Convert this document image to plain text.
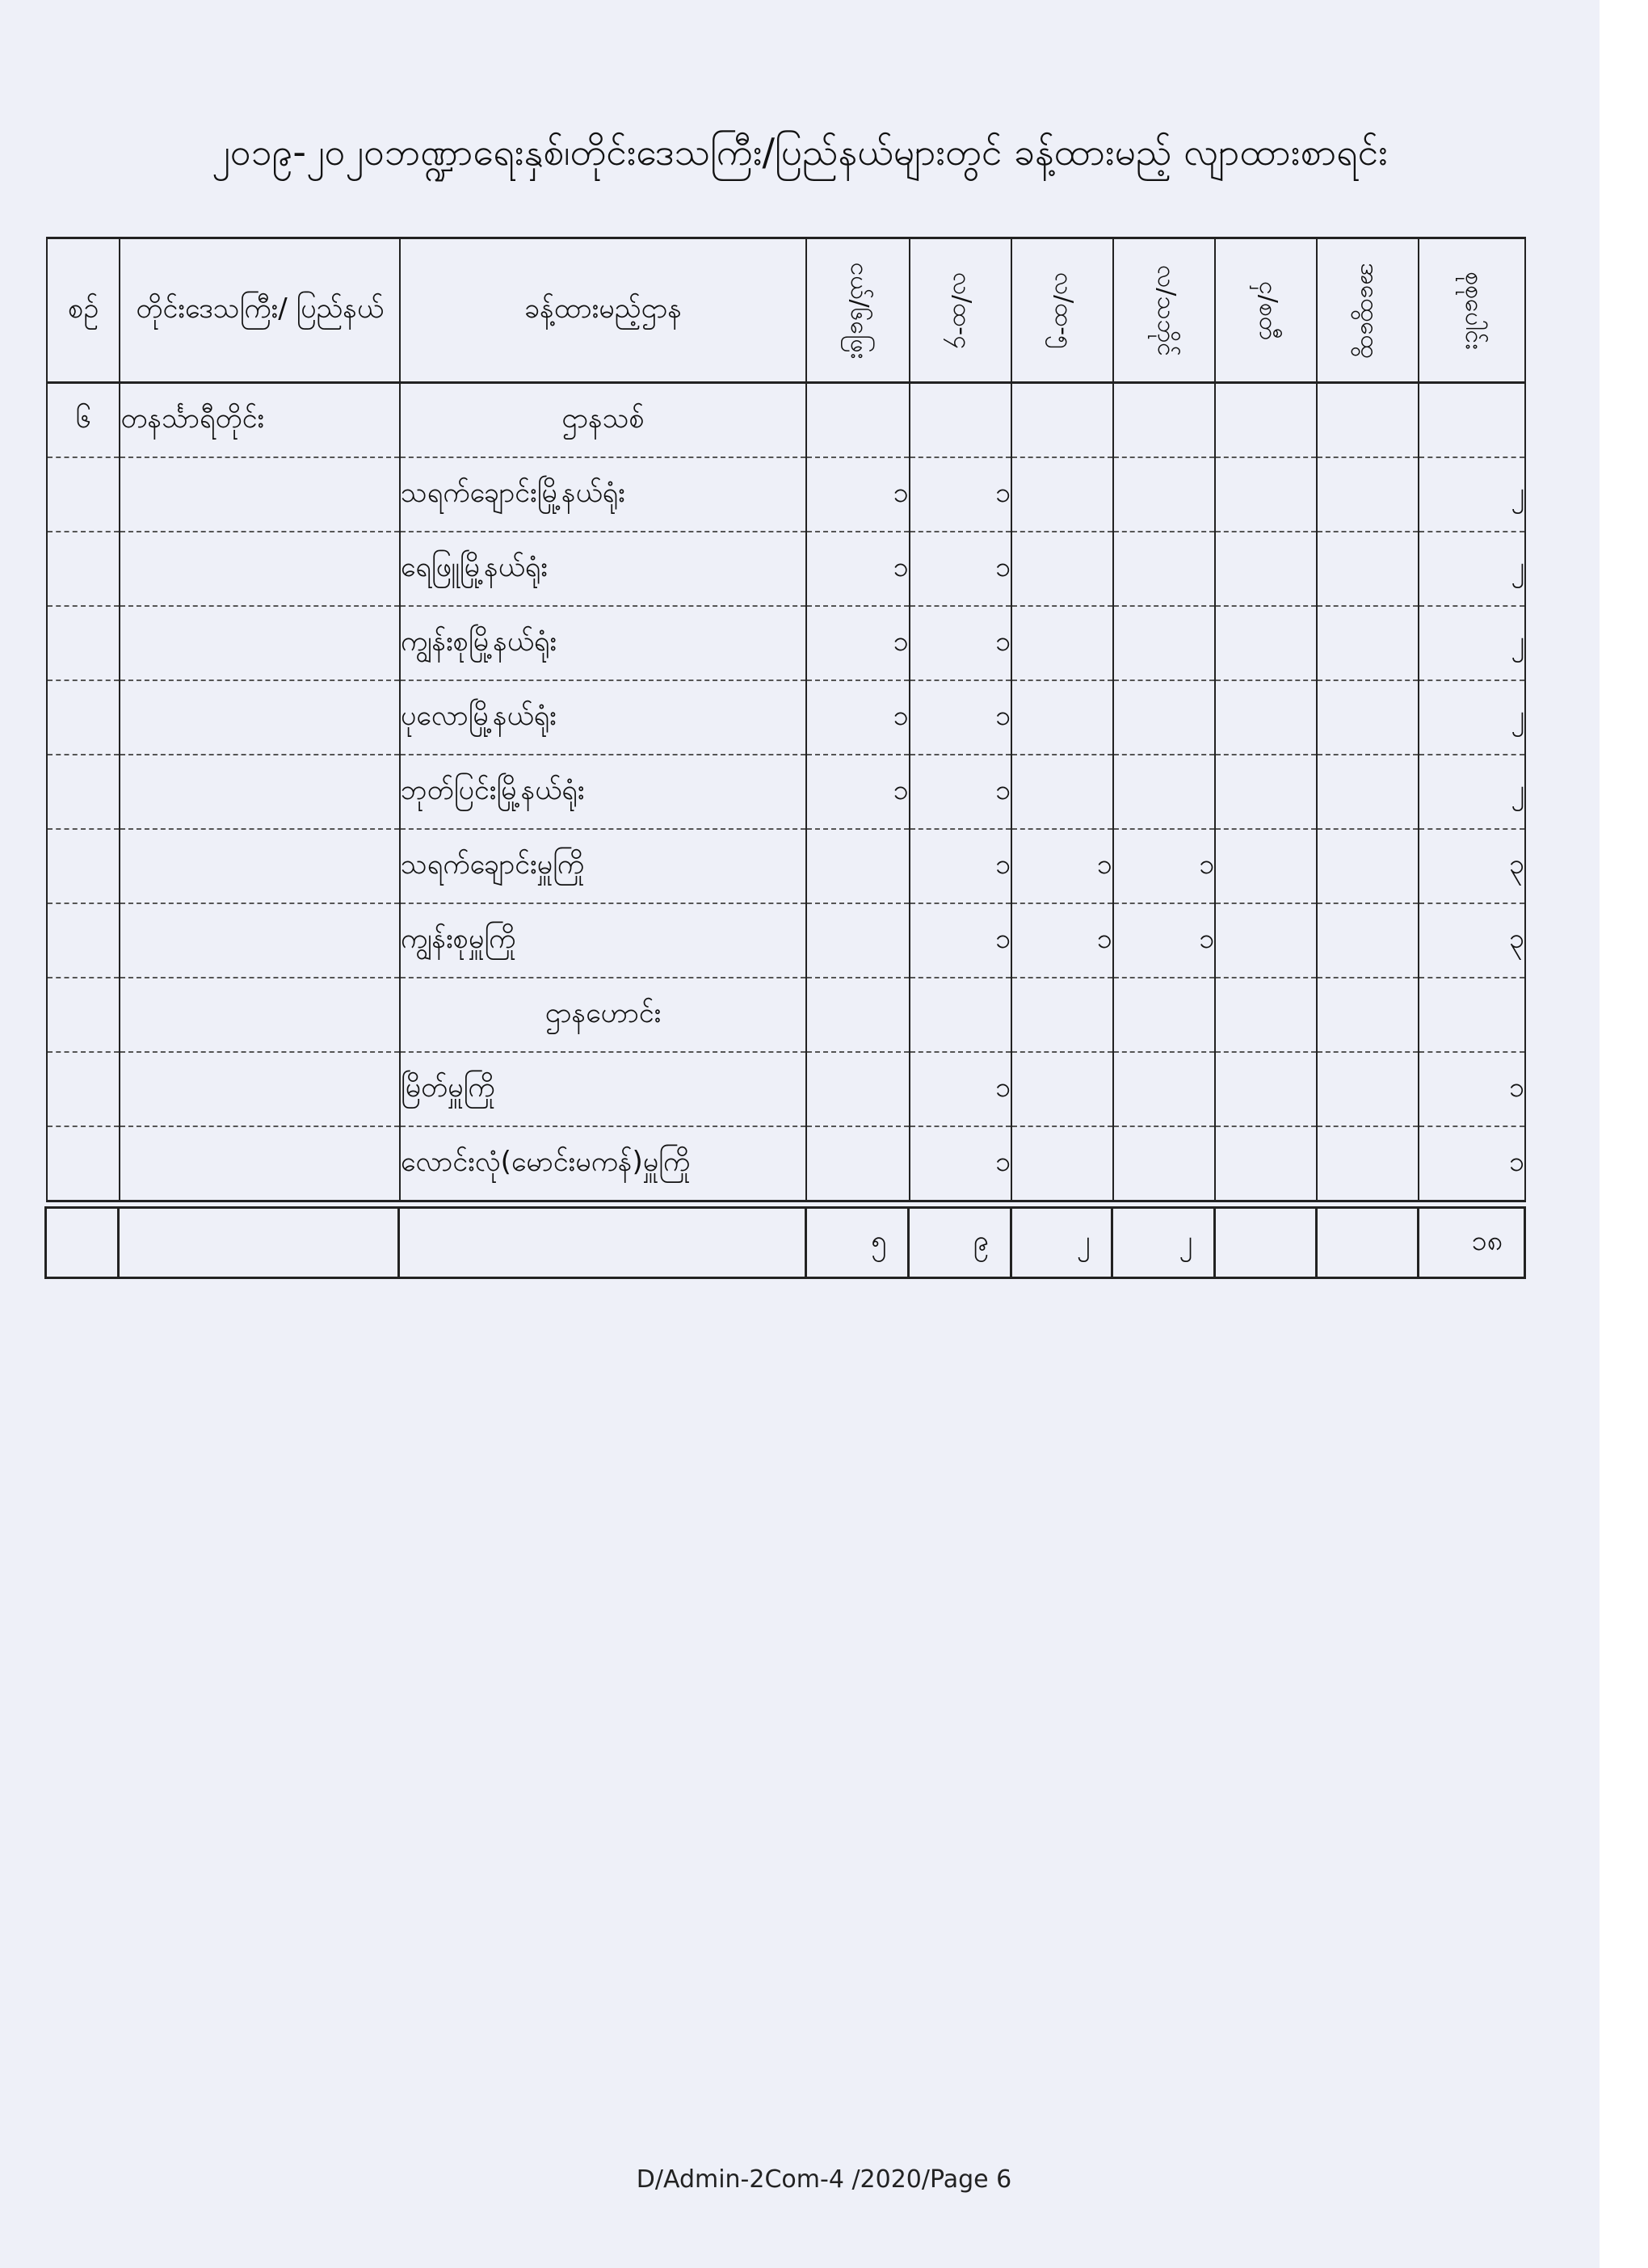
၂၀၁၉-၂၀၂၀ဘဏ္ဍာရေးနှစ်၊တိုင်းဒေသကြီး/ပြည်နယ်များတွင် ခန့်ထားမည့် လျာထားစာရင်း
စဉ်	တိုင်းဒေသကြီး/ ပြည်နယ်	ခန့်ထားမည့်ဌာန	ငယ်/၆ဖြေး	လ/ထ-၄	လ/ထ-၅	လ/သဘိုင်	ငှ/စတီ	အထွေထွေ	စုစုပေါင်း
၆	တနင်္သာရီတိုင်း	ဌာနသစ်							
		သရက်ချောင်းမြို့နယ်ရုံး	၁	၁					၂
		ရေဖြူမြို့နယ်ရုံး	၁	၁					၂
		ကျွန်းစုမြို့နယ်ရုံး	၁	၁					၂
		ပုလောမြို့နယ်ရုံး	၁	၁					၂
		ဘုတ်ပြင်းမြို့နယ်ရုံး	၁	၁					၂
		သရက်ချောင်းမှူကြို		၁	၁	၁			၃
		ကျွန်းစုမှူကြို		၁	၁	၁			၃
		ဌာနဟောင်း							
		မြိတ်မှူကြို		၁					၁
		လောင်းလုံ(မောင်းမကန်)မှူကြို		၁					၁
			၅	၉	၂	၂			၁၈
D/Admin-2Com-4 /2020/Page 6
